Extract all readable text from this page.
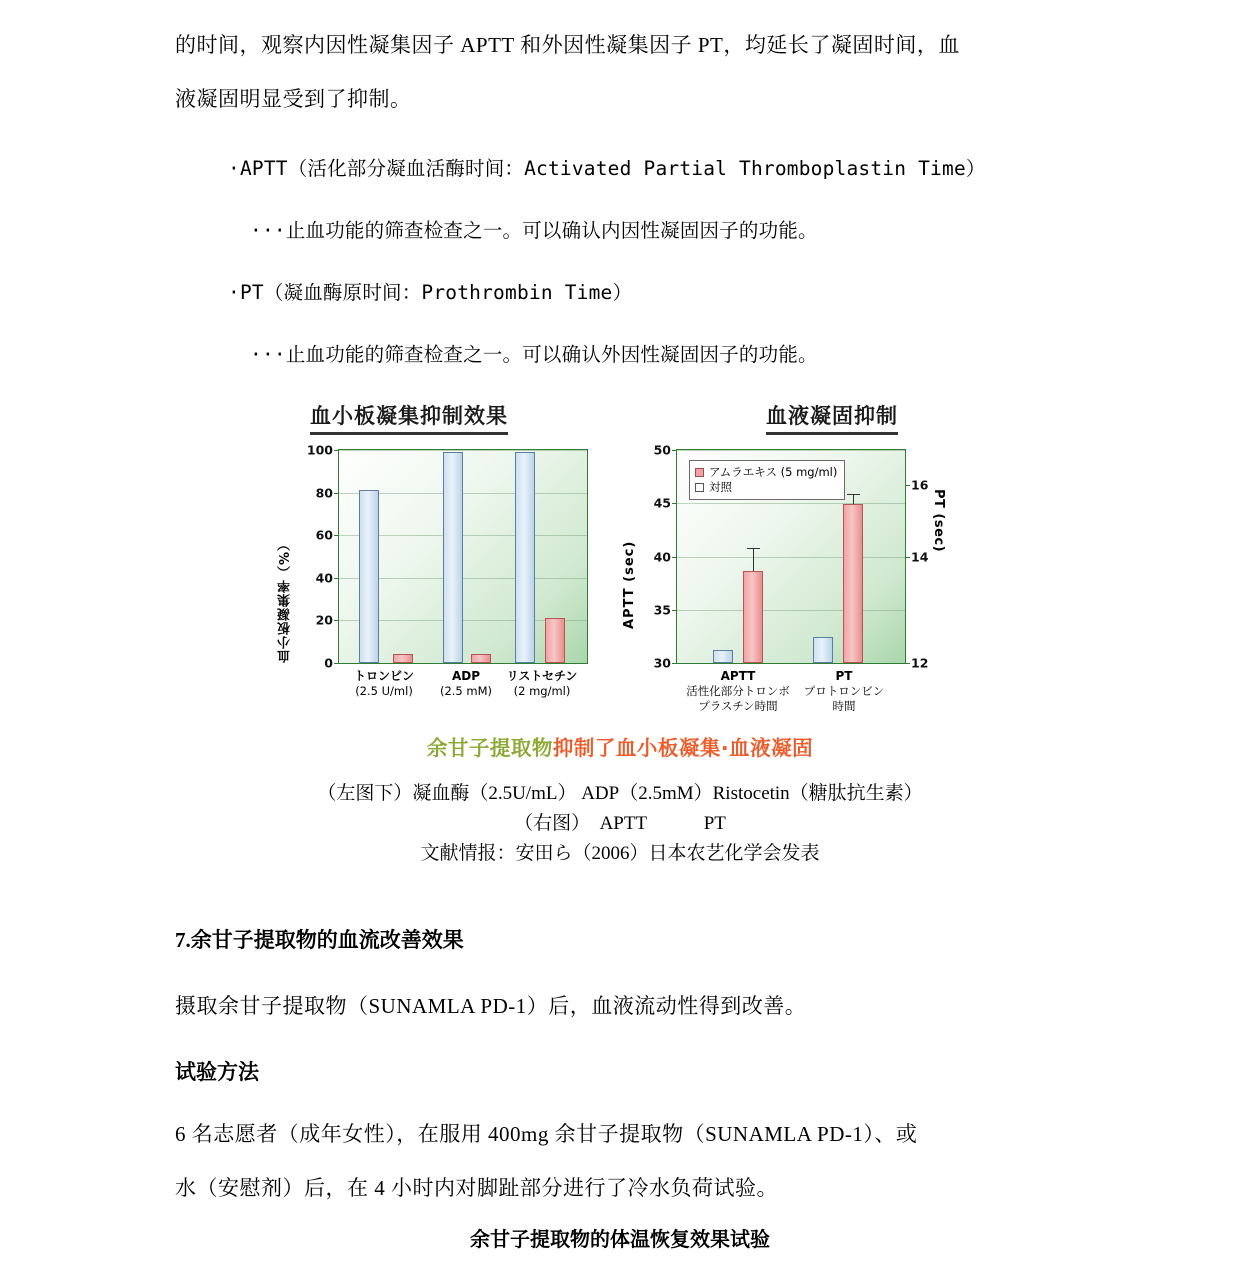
的时间，观察内因性凝集因子 APTT 和外因性凝集因子 PT，均延长了凝固时间，血
液凝固明显受到了抑制。
·APTT（活化部分凝血活酶时间：Activated Partial Thromboplastin Time）
···止血功能的筛查检查之一。可以确认内因性凝固因子的功能。
·PT（凝血酶原时间：Prothrombin Time）
···止血功能的筛查检查之一。可以确认外因性凝固因子的功能。
血小板凝集抑制效果	血液凝固抑制
血小板凝集率（%）
100
80
60
40
20
0
トロンビン
(2.5 U/ml)
ADP
(2.5 mM)
リストセチン
(2 mg/ml)
APTT (sec)
PT (sec)
50
45
40
35
30
16
14
12
アムラエキス (5 mg/ml)
対照
APTT
活性化部分トロンボ
プラスチン時間
PT
プロトロンビン
時間
余甘子提取物抑制了血小板凝集·血液凝固
（左图下）凝血酶（2.5U/mL） ADP（2.5mM）Ristocetin（糖肽抗生素）
（右图）　APTT　　　PT
文献情报：安田ら（2006）日本农艺化学会发表
7.余甘子提取物的血流改善效果
摄取余甘子提取物（SUNAMLA PD-1）后，血液流动性得到改善。
试验方法
6 名志愿者（成年女性），在服用 400mg 余甘子提取物（SUNAMLA PD-1）、或
水（安慰剂）后，在 4 小时内对脚趾部分进行了冷水负荷试验。
余甘子提取物的体温恢复效果试验
